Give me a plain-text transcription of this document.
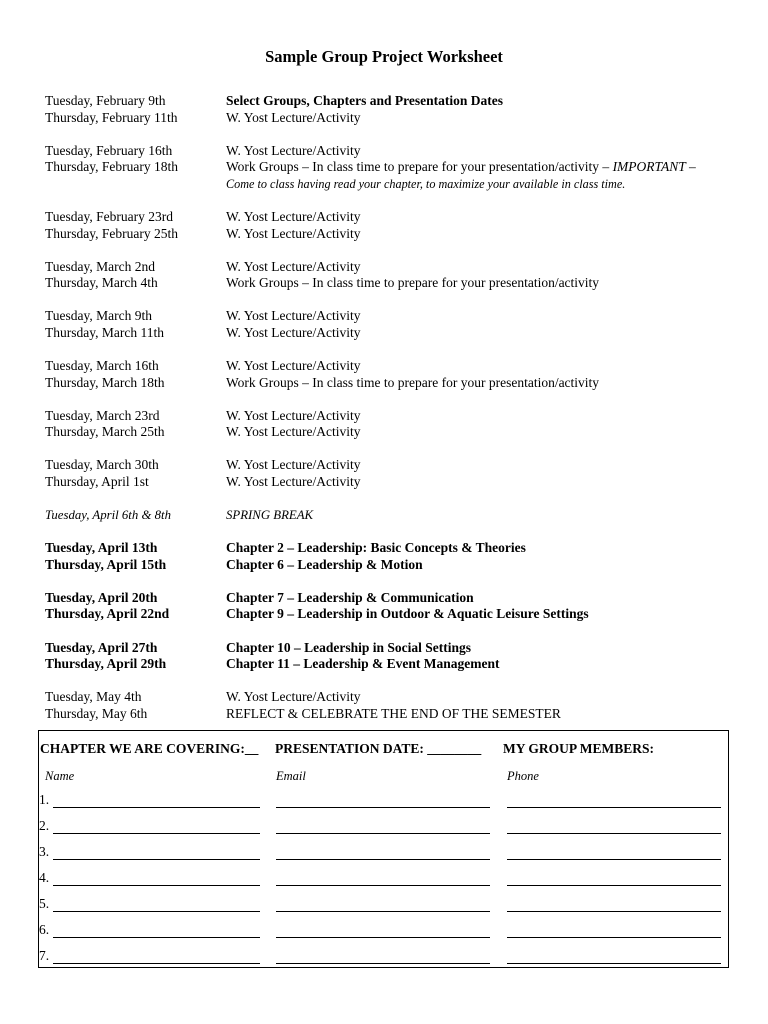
Sample Group Project Worksheet
Tuesday, February 9th	Select Groups, Chapters and Presentation Dates
Thursday, February 11th	W. Yost Lecture/Activity
Tuesday, February 16th	W. Yost Lecture/Activity
Thursday, February 18th	Work Groups – In class time to prepare for your presentation/activity – IMPORTANT –
Come to class having read your chapter, to maximize your available in class time.
Tuesday, February 23rd	W. Yost Lecture/Activity
Thursday, February 25th	W. Yost Lecture/Activity
Tuesday, March 2nd	W. Yost Lecture/Activity
Thursday, March 4th	Work Groups – In class time to prepare for your presentation/activity
Tuesday, March 9th	W. Yost Lecture/Activity
Thursday, March 11th	W. Yost Lecture/Activity
Tuesday, March 16th	W. Yost Lecture/Activity
Thursday, March 18th	Work Groups – In class time to prepare for your presentation/activity
Tuesday, March 23rd	W. Yost Lecture/Activity
Thursday, March 25th	W. Yost Lecture/Activity
Tuesday, March 30th	W. Yost Lecture/Activity
Thursday, April 1st	W. Yost Lecture/Activity
Tuesday, April 6th & 8th	SPRING BREAK
Tuesday, April 13th	Chapter 2 – Leadership: Basic Concepts & Theories
Thursday, April 15th	Chapter 6 – Leadership & Motion
Tuesday, April 20th	Chapter 7 – Leadership & Communication
Thursday, April 22nd	Chapter 9 – Leadership in Outdoor & Aquatic Leisure Settings
Tuesday, April 27th	Chapter 10 – Leadership in Social Settings
Thursday, April 29th	Chapter 11 – Leadership & Event Management
Tuesday, May 4th	W. Yost Lecture/Activity
Thursday, May 6th	REFLECT & CELEBRATE THE END OF THE SEMESTER
CHAPTER WE ARE COVERING:__ PRESENTATION DATE: ________ MY GROUP MEMBERS:
Name	Email	Phone
1.
2.
3.
4.
5.
6.
7.
